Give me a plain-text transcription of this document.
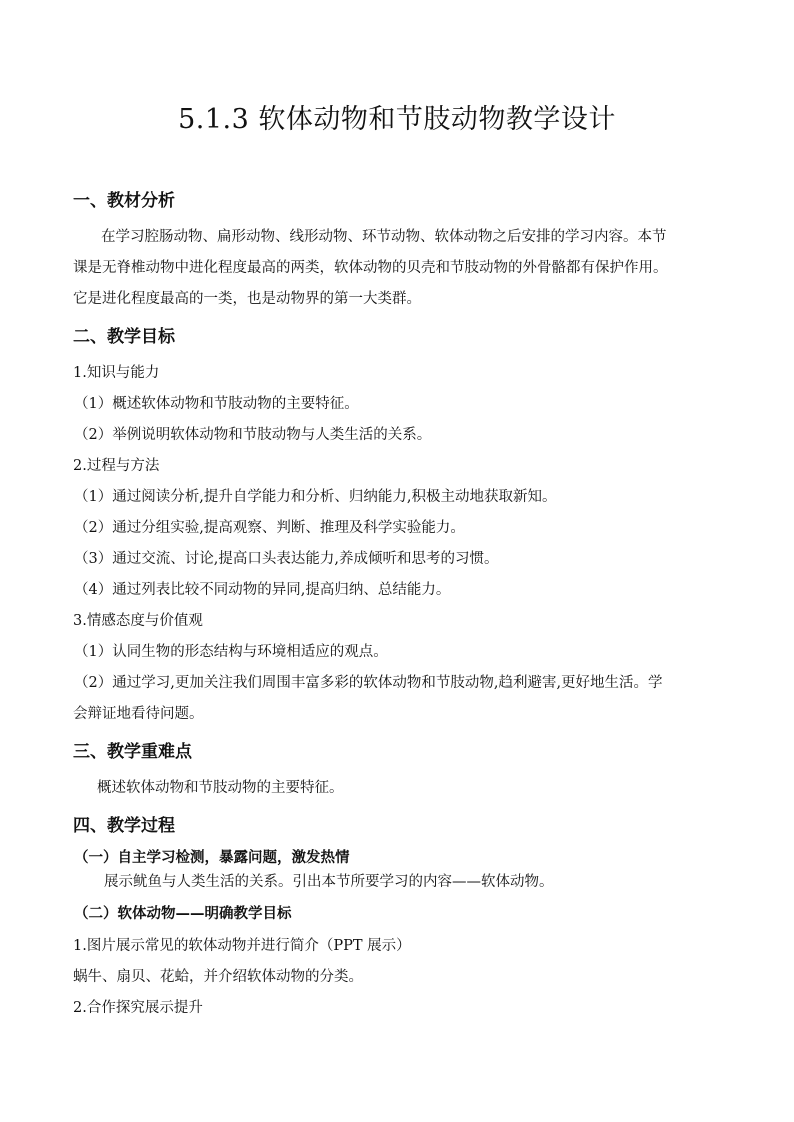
5.1.3 软体动物和节肢动物教学设计
一、教材分析
在学习腔肠动物、扁形动物、线形动物、环节动物、软体动物之后安排的学习内容。本节
课是无脊椎动物中进化程度最高的两类，软体动物的贝壳和节肢动物的外骨骼都有保护作用。
它是进化程度最高的一类，也是动物界的第一大类群。
二、教学目标
1.知识与能力
（1）概述软体动物和节肢动物的主要特征。
（2）举例说明软体动物和节肢动物与人类生活的关系。
2.过程与方法
（1）通过阅读分析,提升自学能力和分析、归纳能力,积极主动地获取新知。
（2）通过分组实验,提高观察、判断、推理及科学实验能力。
（3）通过交流、讨论,提高口头表达能力,养成倾听和思考的习惯。
（4）通过列表比较不同动物的异同,提高归纳、总结能力。
3.情感态度与价值观
（1）认同生物的形态结构与环境相适应的观点。
（2）通过学习,更加关注我们周围丰富多彩的软体动物和节肢动物,趋利避害,更好地生活。学
会辩证地看待问题。
三、教学重难点
概述软体动物和节肢动物的主要特征。
四、教学过程
（一）自主学习检测，暴露问题，激发热情
展示鱿鱼与人类生活的关系。引出本节所要学习的内容——软体动物。
（二）软体动物——明确教学目标
1.图片展示常见的软体动物并进行简介（PPT 展示）
蜗牛、扇贝、花蛤，并介绍软体动物的分类。
2.合作探究展示提升
